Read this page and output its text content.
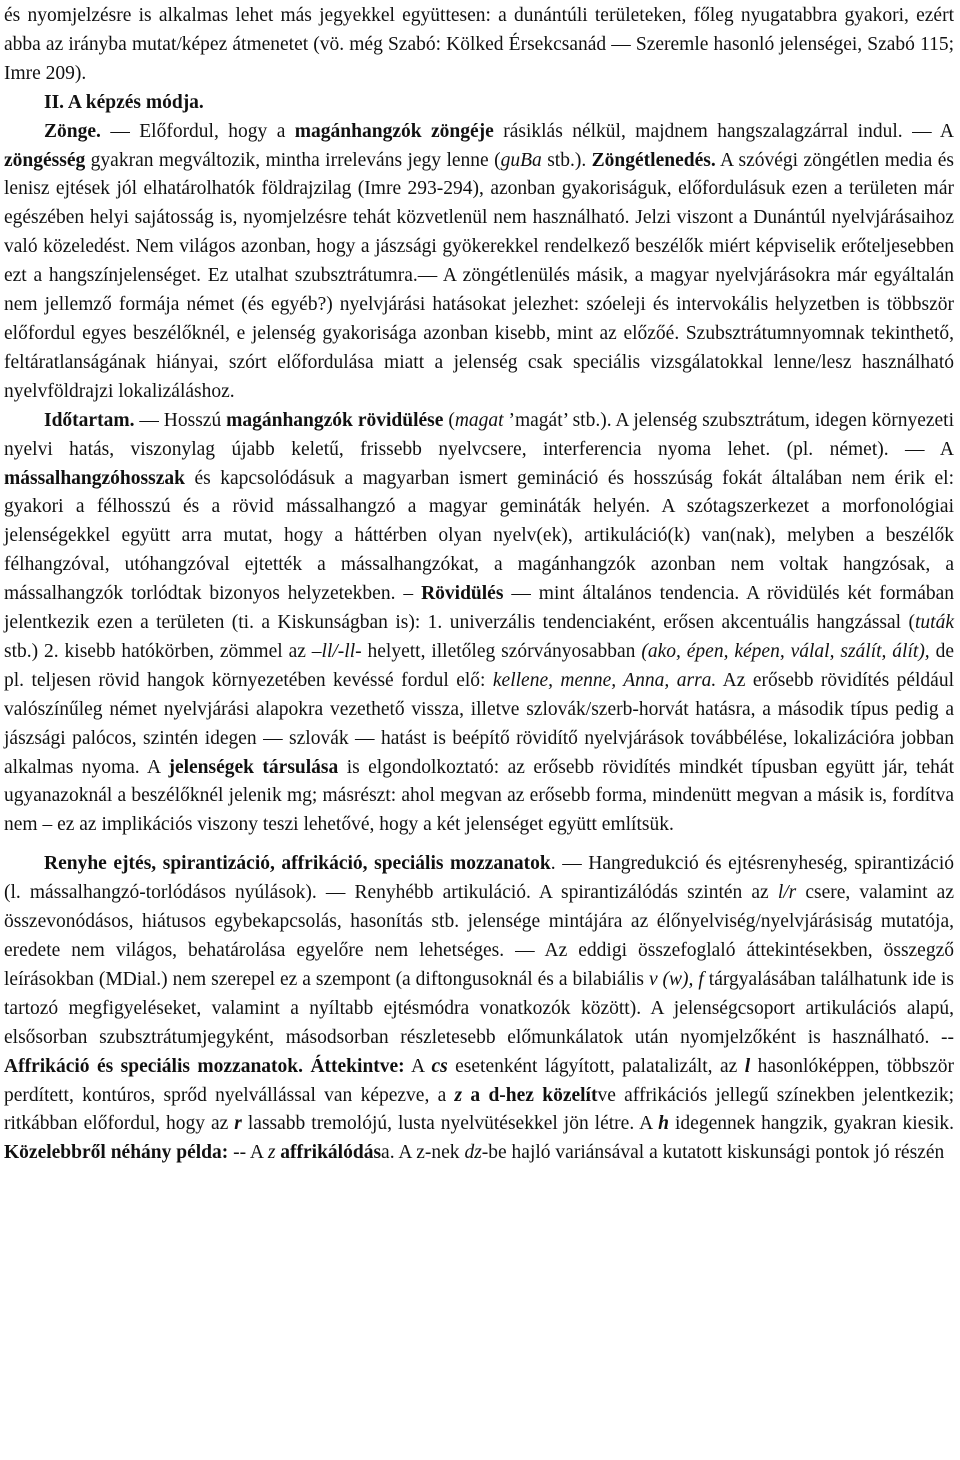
és nyomjelzésre is alkalmas lehet más jegyekkel együttesen: a dunántúli területeken, főleg nyugatabbra gyakori, ezért abba az irányba mutat/képez átmenetet (vö. még Szabó: Kölked Érsekcsanád — Szeremle hasonló jelenségei, Szabó 115; Imre 209).

II. A képzés módja.

Zönge. — Előfordul, hogy a magánhangzók zöngéje rásiklás nélkül, majdnem hangszalagzárral indul. — A zöngésség gyakran megváltozik, mintha irreleváns jegy lenne (guBa stb.). Zöngétlenedés. A szóvégi zöngétlen media és lenisz ejtések jól elhatárolhatók földrajzilag (Imre 293-294), azonban gyakoriságuk, előfordulásuk ezen a területen már egészében helyi sajátosság is, nyomjelzésre tehát közvetlenül nem használható. Jelzi viszont a Dunántúl nyelvjárásaihoz való közeledést. Nem világos azonban, hogy a jászsági gyökerekkel rendelkező beszélők miért képviselik erőteljesebben ezt a hangszínjelenséget. Ez utalhat szubsztrátumra.— A zöngétlenülés másik, a magyar nyelvjárásokra már egyáltalán nem jellemző formája német (és egyéb?) nyelvjárási hatásokat jelezhet: szóeleji és intervokális helyzetben is többször előfordul egyes beszélőknél, e jelenség gyakorisága azonban kisebb, mint az előzőé. Szubsztrátumnyomnak tekinthető, feltáratlanságának hiányai, szórt előfordulása miatt a jelenség csak speciális vizsgálatokkal lenne/lesz használható nyelvföldrajzi lokalizáláshoz.

Időtartam. — Hosszú magánhangzók rövidülése (magat ’magát’ stb.). A jelenség szubsztrátum, idegen környezeti nyelvi hatás, viszonylag újabb keletű, frissebb nyelvcsere, interferencia nyoma lehet. (pl. német). — A mássalhangzóhosszak és kapcsolódásuk a magyarban ismert gemináció és hosszúság fokát általában nem érik el: gyakori a félhosszú és a rövid mássalhangzó a magyar gemináták helyén. A szótagszerkezet a morfonológiai jelenségekkel együtt arra mutat, hogy a háttérben olyan nyelv(ek), artikuláció(k) van(nak), melyben a beszélők félhangzóval, utóhangzóval ejtették a mássalhangzókat, a magánhangzók azonban nem voltak hangzósak, a mássalhangzók torlódtak bizonyos helyzetekben. – Rövidülés — mint általános tendencia. A rövidülés két formában jelentkezik ezen a területen (ti. a Kiskunságban is): 1. univerzális tendenciaként, erősen akcentuális hangzással (tuták stb.) 2. kisebb hatókörben, zömmel az –ll/-ll- helyett, illetőleg szórványosabban (ako, épen, képen, válal, szálít, álít), de pl. teljesen rövid hangok környezetében kevéssé fordul elő: kellene, menne, Anna, arra. Az erősebb rövidítés például valószínűleg német nyelvjárási alapokra vezethető vissza, illetve szlovák/szerb-horvát hatásra, a második típus pedig a jászsági palócos, szintén idegen — szlovák — hatást is beépítő rövidítő nyelvjárások továbbélése, lokalizációra jobban alkalmas nyoma. A jelenségek társulása is elgondolkoztató: az erősebb rövidítés mindkét típusban együtt jár, tehát ugyanazoknál a beszélőknél jelenik mg; másrészt: ahol megvan az erősebb forma, mindenütt megvan a másik is, fordítva nem – ez az implikációs viszony teszi lehetővé, hogy a két jelenséget együtt említsük.

Renyhe ejtés, spirantizáció, affrikáció, speciális mozzanatok. — Hangredukció és ejtésrenyheség, spirantizáció (l. mássalhangzó-torlódásos nyúlások). — Renyhébb artikuláció. A spirantizálódás szintén az l/r csere, valamint az összevonódásos, hiátusos egybekapcsolás, hasonítás stb. jelensége mintájára az élőnyelviség/nyelvjárásiság mutatója, eredete nem világos, behatárolása egyelőre nem lehetséges. — Az eddigi összefoglaló áttekintésekben, összegző leírásokban (MDial.) nem szerepel ez a szempont (a diftongusoknál és a bilabiális v (w), f tárgyalásában találhatunk ide is tartozó megfigyeléseket, valamint a nyíltabb ejtésmódra vonatkozók között). A jelenségcsoport artikulációs alapú, elsősorban szubsztrátumjegyként, másodsorban részletesebb előmunkálatok után nyomjelzőként is használható. -- Affrikáció és speciális mozzanatok. Áttekintve: A cs esetenként lágyított, palatalizált, az l hasonlóképpen, többször perdített, kontúros, sprőd nyelvállással van képezve, a z a d-hez közelítve affrikációs jellegű színekben jelentkezik; ritkábban előfordul, hogy az r lassabb tremolójú, lusta nyelvütésekkel jön létre. A h idegennek hangzik, gyakran kiesik. Közelebbről néhány példa: -- A z affrikálódása. A z-nek dz-be hajló variánsával a kutatott kiskunsági pontok jó részén
